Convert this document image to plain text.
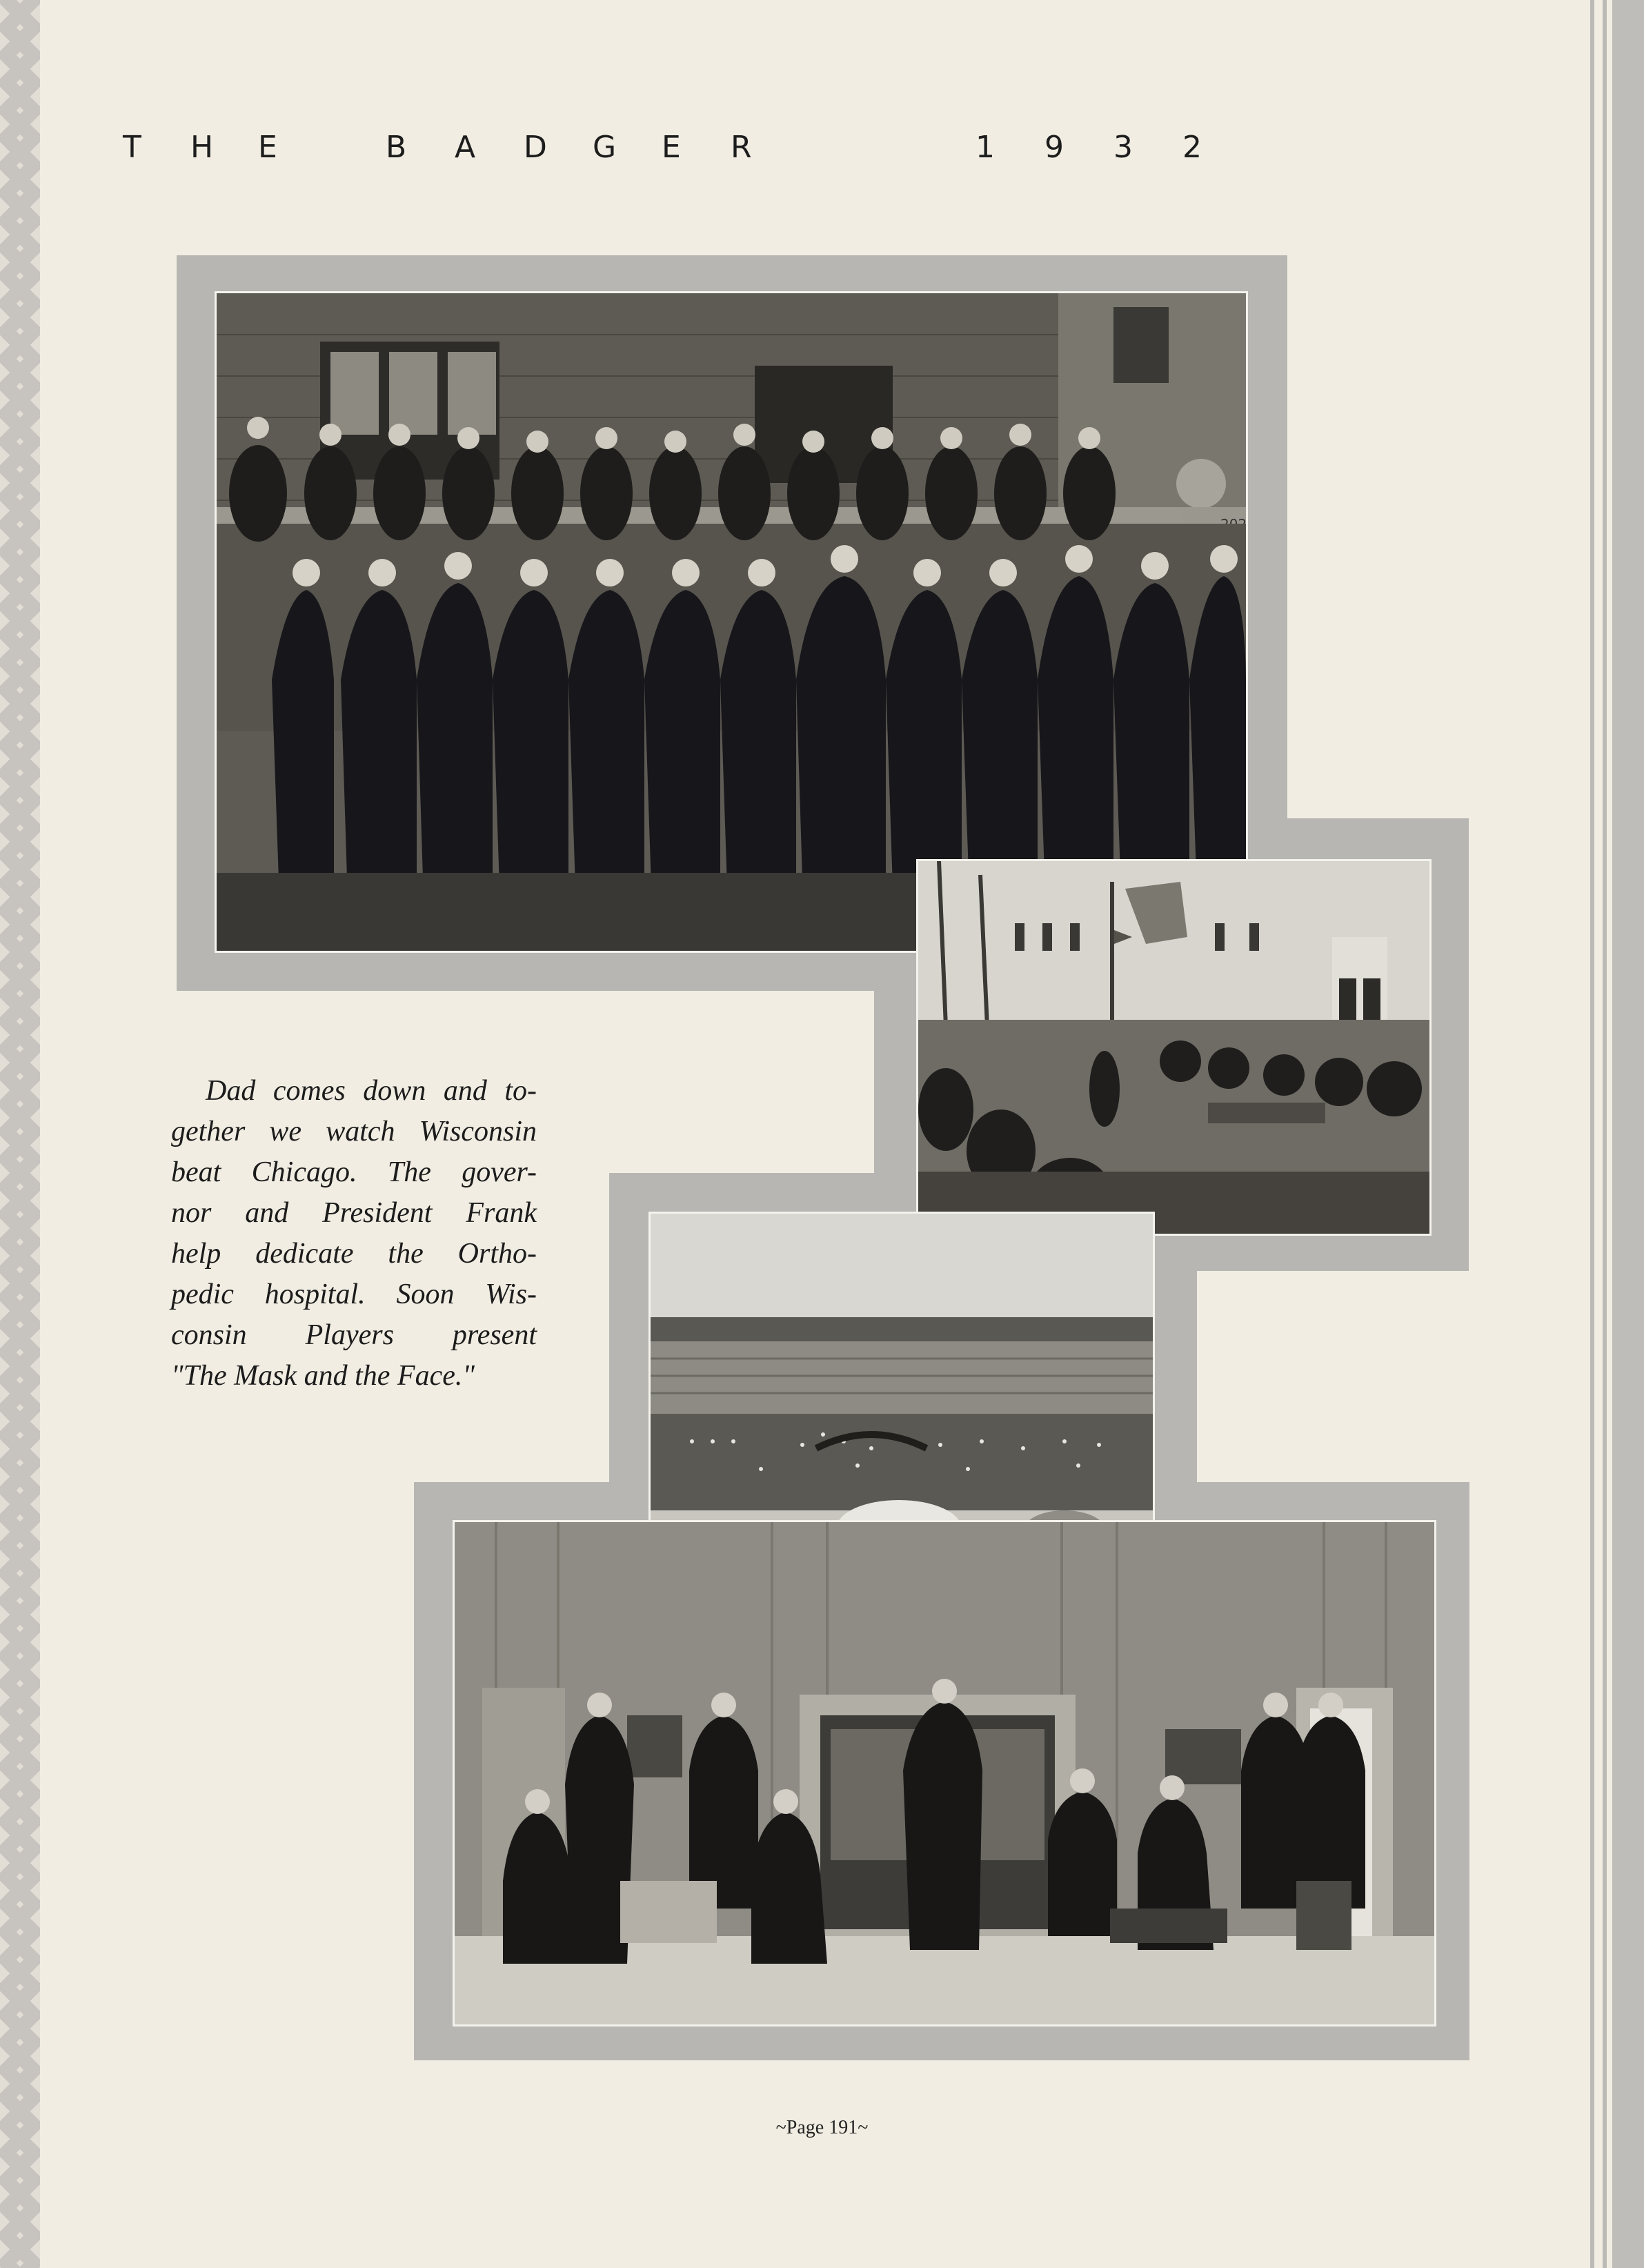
T H E	B A D G E R	1 9 3 2
Dad comes down and to-
gether we watch Wisconsin
beat Chicago. The gover-
nor and President Frank
help dedicate the Ortho-
pedic hospital. Soon Wis-
consin Players present
"The Mask and the Face."
~Page 191~
